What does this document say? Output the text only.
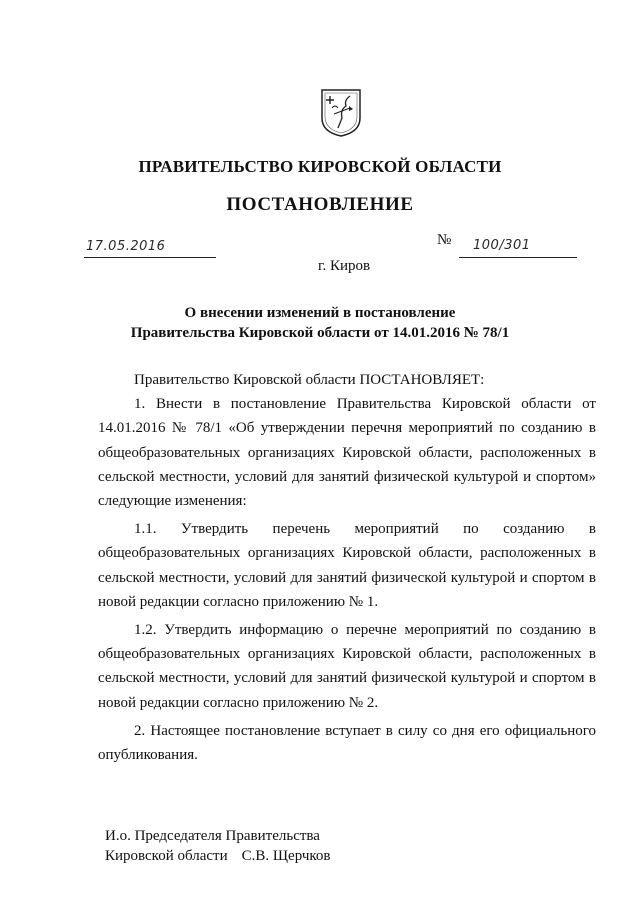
ПРАВИТЕЛЬСТВО КИРОВСКОЙ ОБЛАСТИ
ПОСТАНОВЛЕНИЕ
17.05.2016	№ 100/301
г. Киров
О внесении изменений в постановление
Правительства Кировской области от 14.01.2016 № 78/1

Правительство Кировской области ПОСТАНОВЛЯЕТ:

1. Внести в постановление Правительства Кировской области от 14.01.2016 № 78/1 «Об утверждении перечня мероприятий по созданию в общеобразовательных организациях Кировской области, расположенных в сельской местности, условий для занятий физической культурой и спортом» следующие изменения:

1.1. Утвердить перечень мероприятий по созданию в общеобразовательных организациях Кировской области, расположенных в сельской местности, условий для занятий физической культурой и спортом в новой редакции согласно приложению № 1.

1.2. Утвердить информацию о перечне мероприятий по созданию в общеобразовательных организациях Кировской области, расположенных в сельской местности, условий для занятий физической культурой и спортом в новой редакции согласно приложению № 2.

2. Настоящее постановление вступает в силу со дня его официального опубликования.

И.о. Председателя Правительства
Кировской области С.В. Щерчков
